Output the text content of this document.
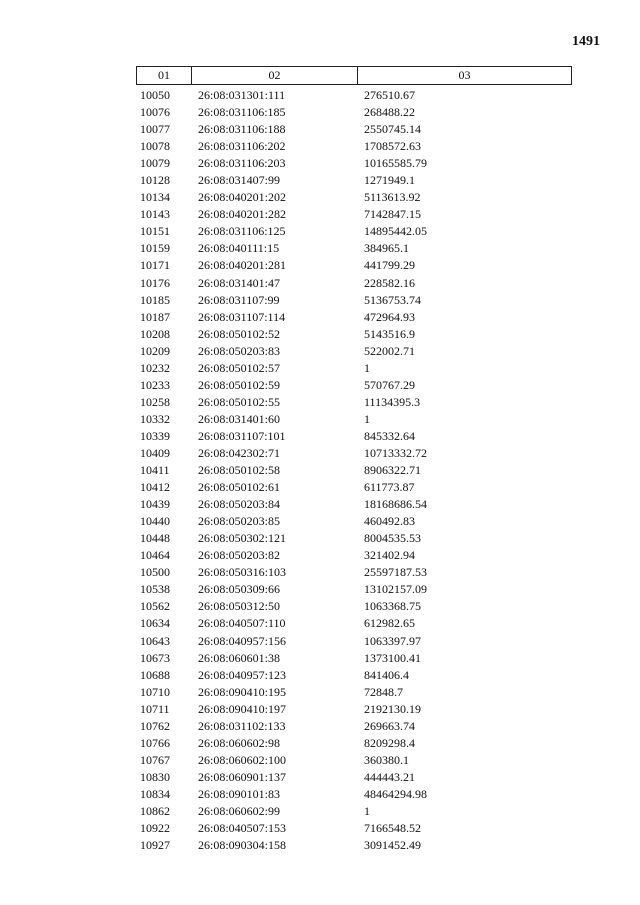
1491
01	02	03
10050	26:08:031301:111	276510.67
10076	26:08:031106:185	268488.22
10077	26:08:031106:188	2550745.14
10078	26:08:031106:202	1708572.63
10079	26:08:031106:203	10165585.79
10128	26:08:031407:99	1271949.1
10134	26:08:040201:202	5113613.92
10143	26:08:040201:282	7142847.15
10151	26:08:031106:125	14895442.05
10159	26:08:040111:15	384965.1
10171	26:08:040201:281	441799.29
10176	26:08:031401:47	228582.16
10185	26:08:031107:99	5136753.74
10187	26:08:031107:114	472964.93
10208	26:08:050102:52	5143516.9
10209	26:08:050203:83	522002.71
10232	26:08:050102:57	1
10233	26:08:050102:59	570767.29
10258	26:08:050102:55	11134395.3
10332	26:08:031401:60	1
10339	26:08:031107:101	845332.64
10409	26:08:042302:71	10713332.72
10411	26:08:050102:58	8906322.71
10412	26:08:050102:61	611773.87
10439	26:08:050203:84	18168686.54
10440	26:08:050203:85	460492.83
10448	26:08:050302:121	8004535.53
10464	26:08:050203:82	321402.94
10500	26:08:050316:103	25597187.53
10538	26:08:050309:66	13102157.09
10562	26:08:050312:50	1063368.75
10634	26:08:040507:110	612982.65
10643	26:08:040957:156	1063397.97
10673	26:08:060601:38	1373100.41
10688	26:08:040957:123	841406.4
10710	26:08:090410:195	72848.7
10711	26:08:090410:197	2192130.19
10762	26:08:031102:133	269663.74
10766	26:08:060602:98	8209298.4
10767	26:08:060602:100	360380.1
10830	26:08:060901:137	444443.21
10834	26:08:090101:83	48464294.98
10862	26:08:060602:99	1
10922	26:08:040507:153	7166548.52
10927	26:08:090304:158	3091452.49
